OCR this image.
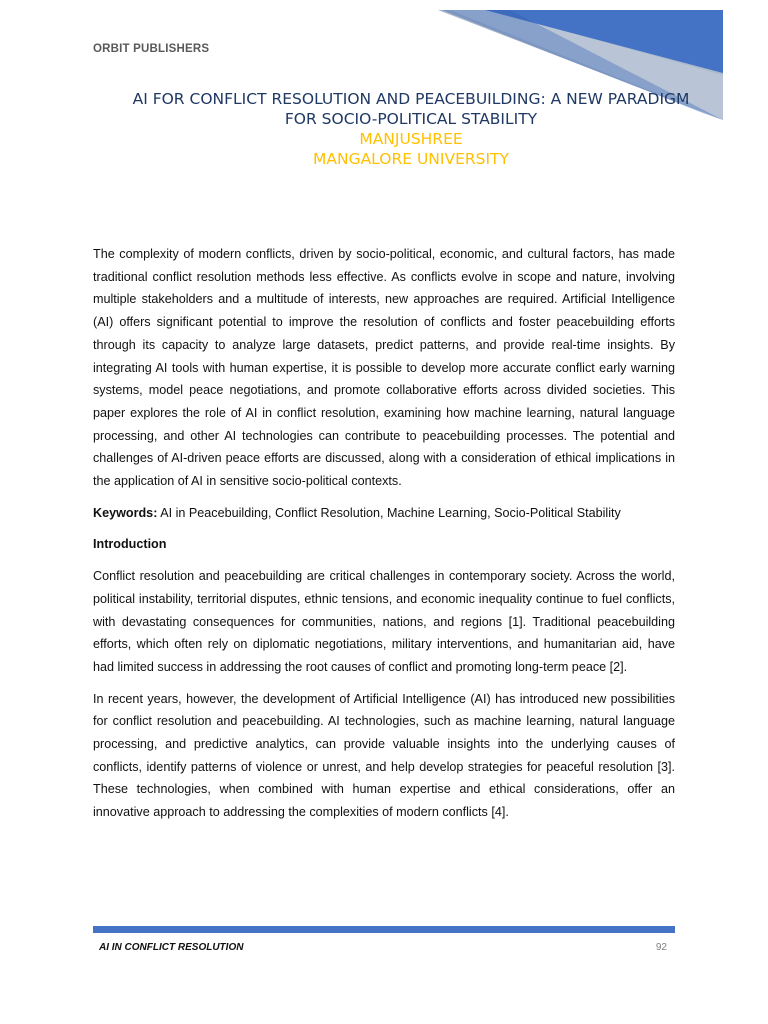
ORBIT PUBLISHERS
AI FOR CONFLICT RESOLUTION AND PEACEBUILDING: A NEW PARADIGM
FOR SOCIO-POLITICAL STABILITY
MANJUSHREE
MANGALORE UNIVERSITY

The complexity of modern conflicts, driven by socio-political, economic, and cultural factors, has made traditional conflict resolution methods less effective. As conflicts evolve in scope and nature, involving multiple stakeholders and a multitude of interests, new approaches are required. Artificial Intelligence (AI) offers significant potential to improve the resolution of conflicts and foster peacebuilding efforts through its capacity to analyze large datasets, predict patterns, and provide real-time insights. By integrating AI tools with human expertise, it is possible to develop more accurate conflict early warning systems, model peace negotiations, and promote collaborative efforts across divided societies. This paper explores the role of AI in conflict resolution, examining how machine learning, natural language processing, and other AI technologies can contribute to peacebuilding processes. The potential and challenges of AI-driven peace efforts are discussed, along with a consideration of ethical implications in the application of AI in sensitive socio-political contexts.

Keywords: AI in Peacebuilding, Conflict Resolution, Machine Learning, Socio-Political Stability

Introduction

Conflict resolution and peacebuilding are critical challenges in contemporary society. Across the world, political instability, territorial disputes, ethnic tensions, and economic inequality continue to fuel conflicts, with devastating consequences for communities, nations, and regions [1]. Traditional peacebuilding efforts, which often rely on diplomatic negotiations, military interventions, and humanitarian aid, have had limited success in addressing the root causes of conflict and promoting long-term peace [2].

In recent years, however, the development of Artificial Intelligence (AI) has introduced new possibilities for conflict resolution and peacebuilding. AI technologies, such as machine learning, natural language processing, and predictive analytics, can provide valuable insights into the underlying causes of conflicts, identify patterns of violence or unrest, and help develop strategies for peaceful resolution [3]. These technologies, when combined with human expertise and ethical considerations, offer an innovative approach to addressing the complexities of modern conflicts [4].

AI IN CONFLICT RESOLUTION	92
